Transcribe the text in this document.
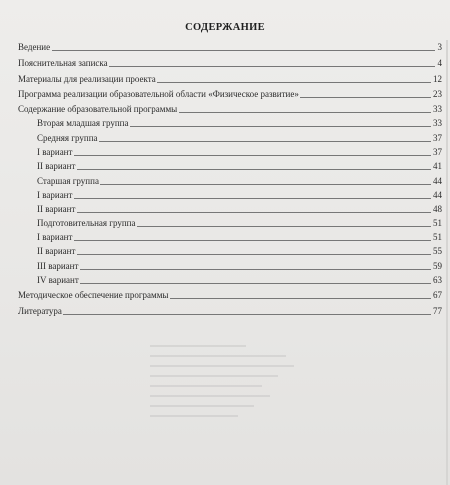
СОДЕРЖАНИЕ
Ведение	3
Пояснительная записка	4
Материалы для реализации проекта	12
Программа реализации образовательной области «Физическое развитие»	23
Содержание образовательной программы	33
Вторая младшая группа	33
Средняя группа	37
I вариант	37
II вариант	41
Старшая группа	44
I вариант	44
II вариант	48
Подготовительная группа	51
I вариант	51
II вариант	55
III вариант	59
IV вариант	63
Методическое обеспечение программы	67
Литература	77
